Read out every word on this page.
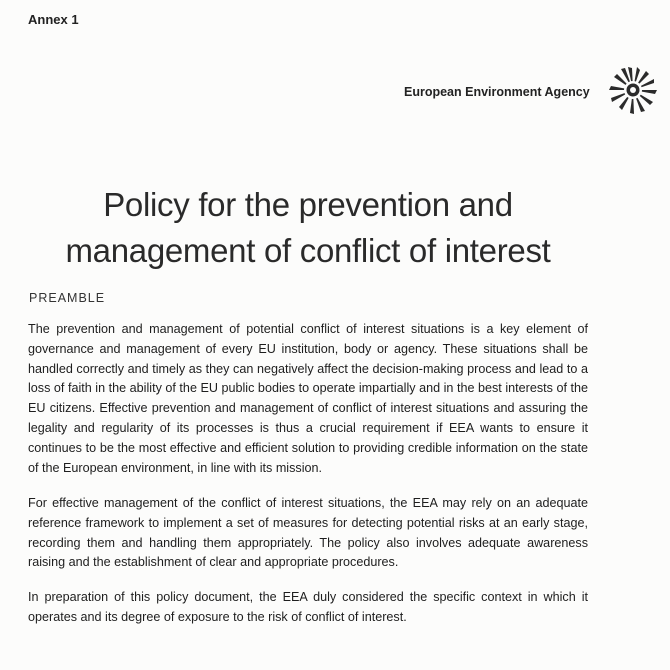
Annex 1
European Environment Agency
Policy for the prevention and
management of conflict of interest
PREAMBLE

The prevention and management of potential conflict of interest situations is a key element of governance and management of every EU institution, body or agency. These situations shall be handled correctly and timely as they can negatively affect the decision-making process and lead to a loss of faith in the ability of the EU public bodies to operate impartially and in the best interests of the EU citizens. Effective prevention and management of conflict of interest situations and assuring the legality and regularity of its processes is thus a crucial requirement if EEA wants to ensure it continues to be the most effective and efficient solution to providing credible information on the state of the European environment, in line with its mission.

For effective management of the conflict of interest situations, the EEA may rely on an adequate reference framework to implement a set of measures for detecting potential risks at an early stage, recording them and handling them appropriately. The policy also involves adequate awareness raising and the establishment of clear and appropriate procedures.

In preparation of this policy document, the EEA duly considered the specific context in which it operates and its degree of exposure to the risk of conflict of interest.
